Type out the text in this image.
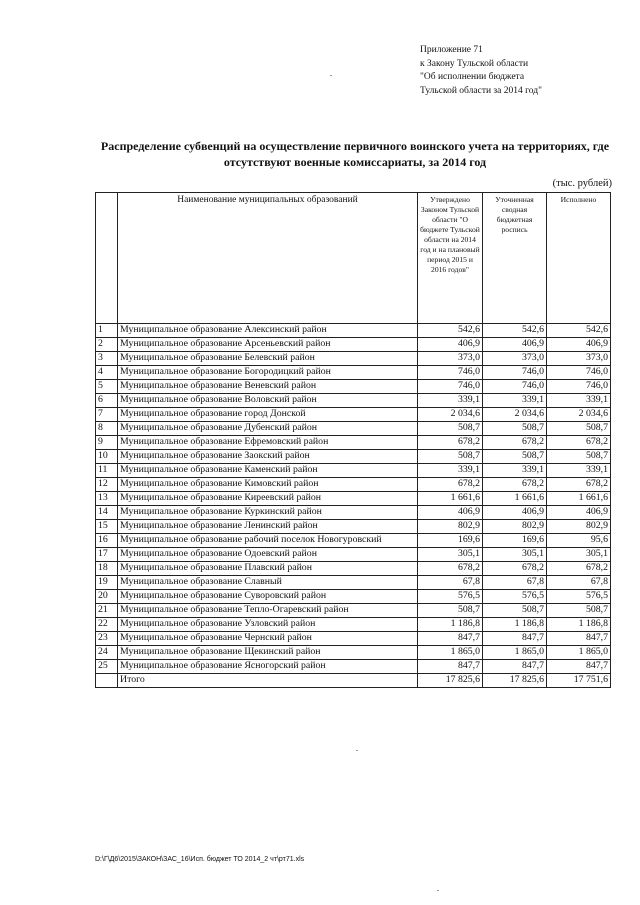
Приложение 71
к Закону Тульской области
"Об исполнении бюджета
Тульской области за 2014 год"
Распределение субвенций на осуществление первичного воинского учета на территориях, где
отсутствуют военные комиссариаты, за 2014 год
(тыс. рублей)
	Наименование муниципальных образований	Утверждено Законом Тульской области "О бюджете Тульской области на 2014 год и на плановый период 2015 и 2016 годов"	Уточненная сводная бюджетная роспись	Исполнено
1	Муниципальное образование Алексинский район	542,6	542,6	542,6
2	Муниципальное образование Арсеньевский район	406,9	406,9	406,9
3	Муниципальное образование Белевский район	373,0	373,0	373,0
4	Муниципальное образование Богородицкий район	746,0	746,0	746,0
5	Муниципальное образование Веневский район	746,0	746,0	746,0
6	Муниципальное образование Воловский район	339,1	339,1	339,1
7	Муниципальное образование город Донской	2 034,6	2 034,6	2 034,6
8	Муниципальное образование Дубенский район	508,7	508,7	508,7
9	Муниципальное образование Ефремовский район	678,2	678,2	678,2
10	Муниципальное образование Заокский район	508,7	508,7	508,7
11	Муниципальное образование Каменский район	339,1	339,1	339,1
12	Муниципальное образование Кимовский район	678,2	678,2	678,2
13	Муниципальное образование Киреевский район	1 661,6	1 661,6	1 661,6
14	Муниципальное образование Куркинский район	406,9	406,9	406,9
15	Муниципальное образование Ленинский район	802,9	802,9	802,9
16	Муниципальное образование рабочий поселок Новогуровский	169,6	169,6	95,6
17	Муниципальное образование Одоевский район	305,1	305,1	305,1
18	Муниципальное образование Плавский район	678,2	678,2	678,2
19	Муниципальное образование Славный	67,8	67,8	67,8
20	Муниципальное образование Суворовский район	576,5	576,5	576,5
21	Муниципальное образование Тепло-Огаревский район	508,7	508,7	508,7
22	Муниципальное образование Узловский район	1 186,8	1 186,8	1 186,8
23	Муниципальное образование Чернский район	847,7	847,7	847,7
24	Муниципальное образование Щекинский район	1 865,0	1 865,0	1 865,0
25	Муниципальное образование Ясногорский район	847,7	847,7	847,7
	Итого	17 825,6	17 825,6	17 751,6
D:\Г\Д6\2015\ЗАКОН\ЗАС_16\Исп. бюджет ТО 2014_2 чт\рт71.xls
